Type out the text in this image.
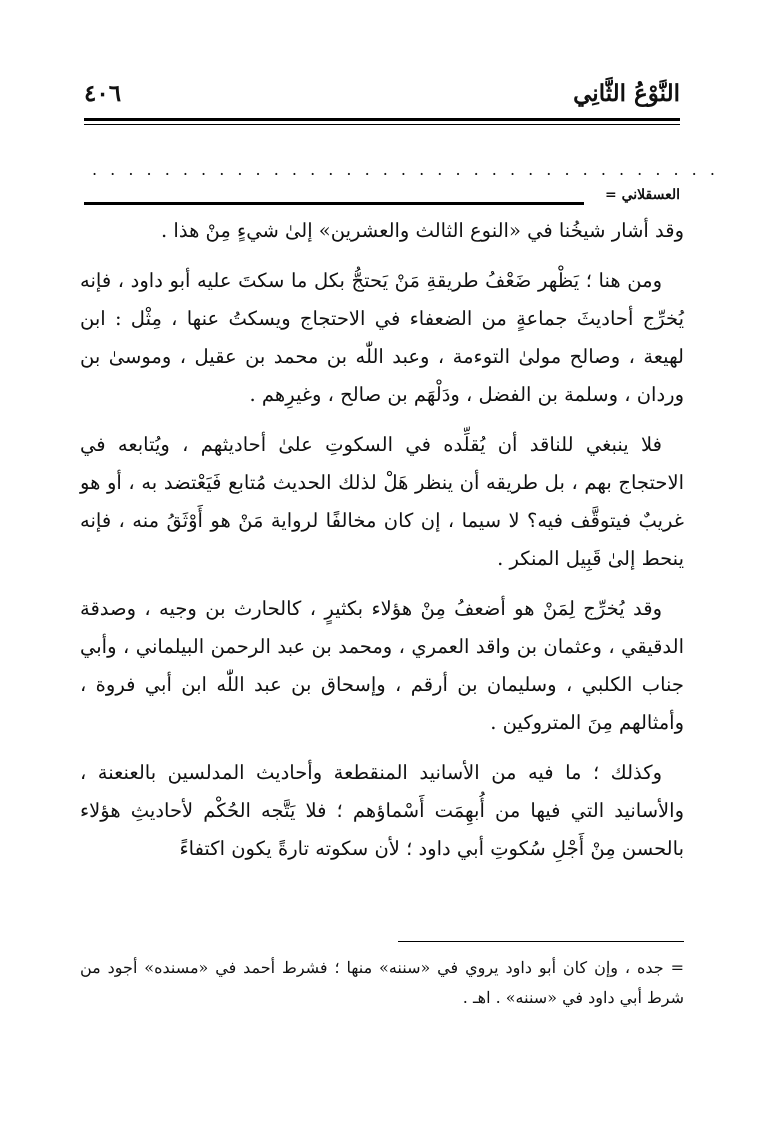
النَّوْعُ الثَّانِي
٤٠٦
. . . . . . . . . . . . . . . . . . . . . . . . . . . . . . . . . . .
العسقلاني =

وقد أشار شيخُنا في «النوع الثالث والعشرين» إلىٰ شيءٍ مِنْ هذا .

ومن هنا ؛ يَظْهر ضَعْفُ طريقةِ مَنْ يَحتجُّ بكل ما سكتَ عليه أبو داود ، فإنه يُخرِّج أحاديثَ جماعةٍ من الضعفاء في الاحتجاج ويسكتُ عنها ، مِثْل : ابن لهيعة ، وصالح مولىٰ التوءمة ، وعبد اللّٰه بن محمد بن عقيل ، وموسىٰ بن وردان ، وسلمة بن الفضل ، ودَلْهَم بن صالح ، وغيرِهم .

فلا ينبغي للناقد أن يُقلِّده في السكوتِ علىٰ أحاديثهم ، ويُتابعه في الاحتجاج بهم ، بل طريقه أن ينظر هَلْ لذلك الحديث مُتابع فَيَعْتضد به ، أو هو غريبٌ فيتوقَّف فيه؟ لا سيما ، إن كان مخالفًا لرواية مَنْ هو أَوْثَقُ منه ، فإنه ينحط إلىٰ قَبِيل المنكر .

وقد يُخرِّج لِمَنْ هو أضعفُ مِنْ هؤلاء بكثيرٍ ، كالحارث بن وجيه ، وصدقة الدقيقي ، وعثمان بن واقد العمري ، ومحمد بن عبد الرحمن البيلماني ، وأبي جناب الكلبي ، وسليمان بن أرقم ، وإسحاق بن عبد اللّٰه ابن أبي فروة ، وأمثالهم مِنَ المتروكين .

وكذلك ؛ ما فيه من الأسانيد المنقطعة وأحاديث المدلسين بالعنعنة ، والأسانيد التي فيها من أُبهِمَت أَسْماؤهم ؛ فلا يَتَّجه الحُكْم لأحاديثِ هؤلاء بالحسن مِنْ أَجْلِ سُكوتِ أبي داود ؛ لأن سكوته تارةً يكون اكتفاءً

= جده ، وإن كان أبو داود يروي في «سننه» منها ؛ فشرط أحمد في «مسنده» أجود من شرط أبي داود في «سننه» . اهـ .
